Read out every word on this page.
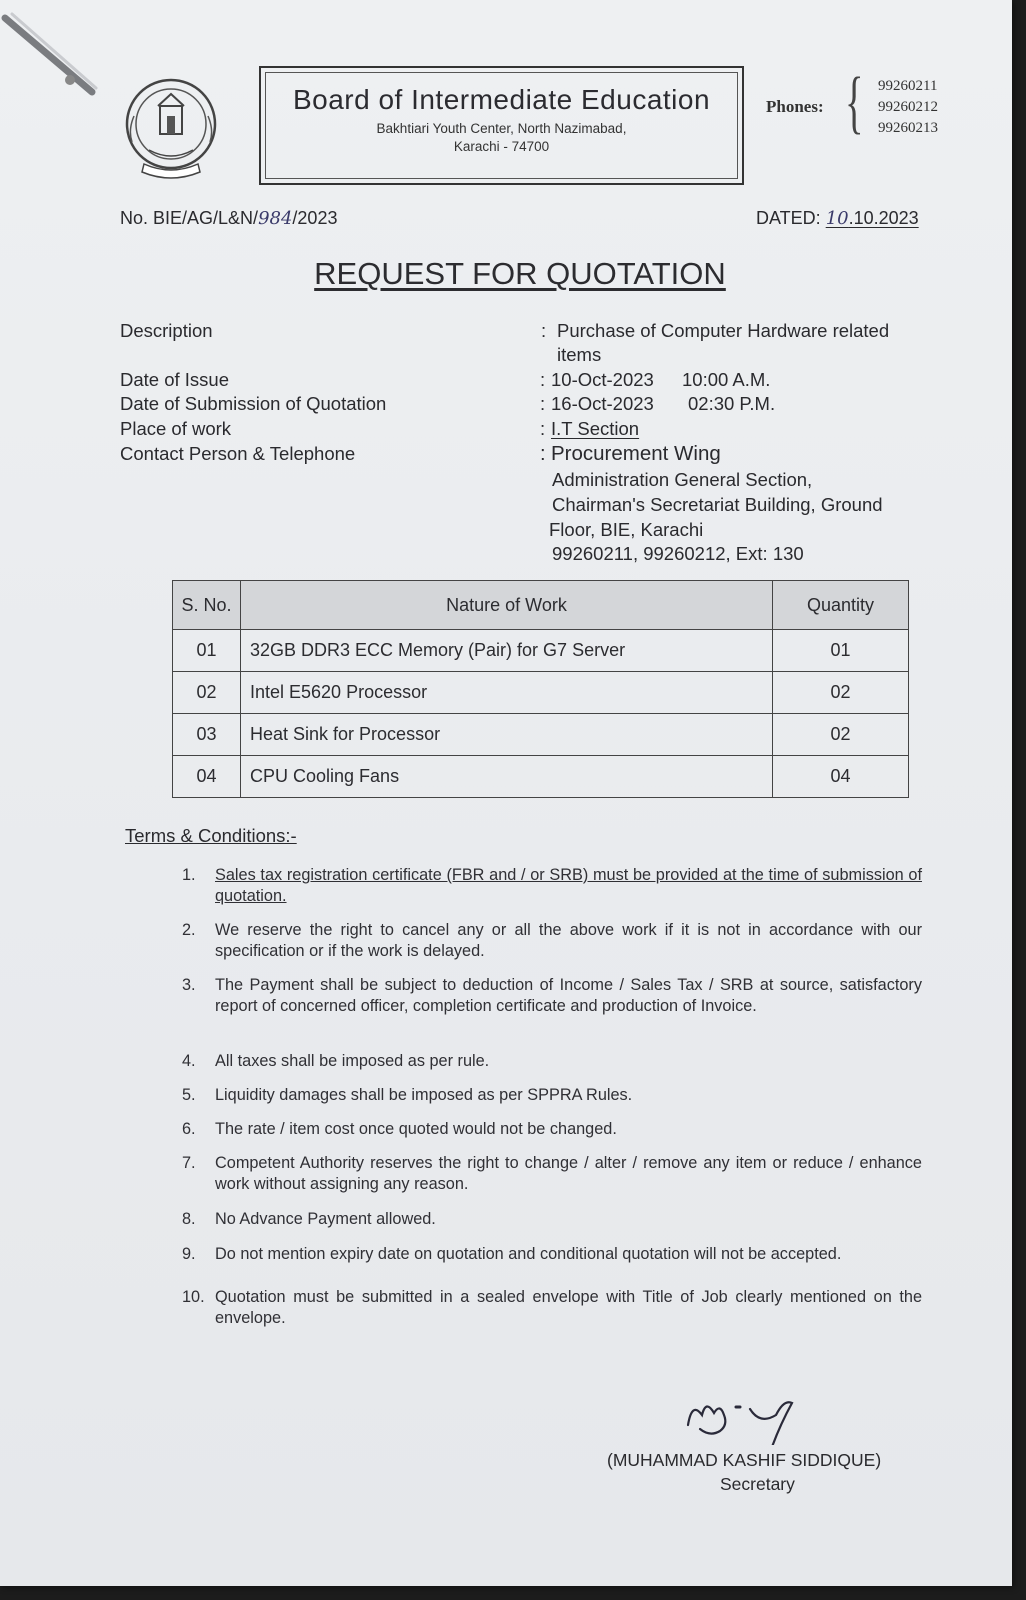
Board of Intermediate Education
Bakhtiari Youth Center, North Nazimabad,
Karachi - 74700
Phones: { 99260211
99260212
99260213
No. BIE/AG/L&N/984/2023	DATED: 10.10.2023
REQUEST FOR QUOTATION
Description	: Purchase of Computer Hardware related
items
Date of Issue	: 10-Oct-2023 10:00 A.M.
Date of Submission of Quotation	: 16-Oct-2023 02:30 P.M.
Place of work	: I.T Section
Contact Person & Telephone	: Procurement Wing
Administration General Section,
Chairman's Secretariat Building, Ground
Floor, BIE, Karachi
99260211, 99260212, Ext: 130
S. No.	Nature of Work	Quantity
01	32GB DDR3 ECC Memory (Pair) for G7 Server	01
02	Intel E5620 Processor	02
03	Heat Sink for Processor	02
04	CPU Cooling Fans	04
Terms & Conditions:-
1.	Sales tax registration certificate (FBR and / or SRB) must be provided at the time of submission of quotation.
2.	We reserve the right to cancel any or all the above work if it is not in accordance with our specification or if the work is delayed.
3.	The Payment shall be subject to deduction of Income / Sales Tax / SRB at source, satisfactory report of concerned officer, completion certificate and production of Invoice.
4.	All taxes shall be imposed as per rule.
5.	Liquidity damages shall be imposed as per SPPRA Rules.
6.	The rate / item cost once quoted would not be changed.
7.	Competent Authority reserves the right to change / alter / remove any item or reduce / enhance work without assigning any reason.
8.	No Advance Payment allowed.
9.	Do not mention expiry date on quotation and conditional quotation will not be accepted.
10. Quotation must be submitted in a sealed envelope with Title of Job clearly mentioned on the envelope.
(MUHAMMAD KASHIF SIDDIQUE)
Secretary
